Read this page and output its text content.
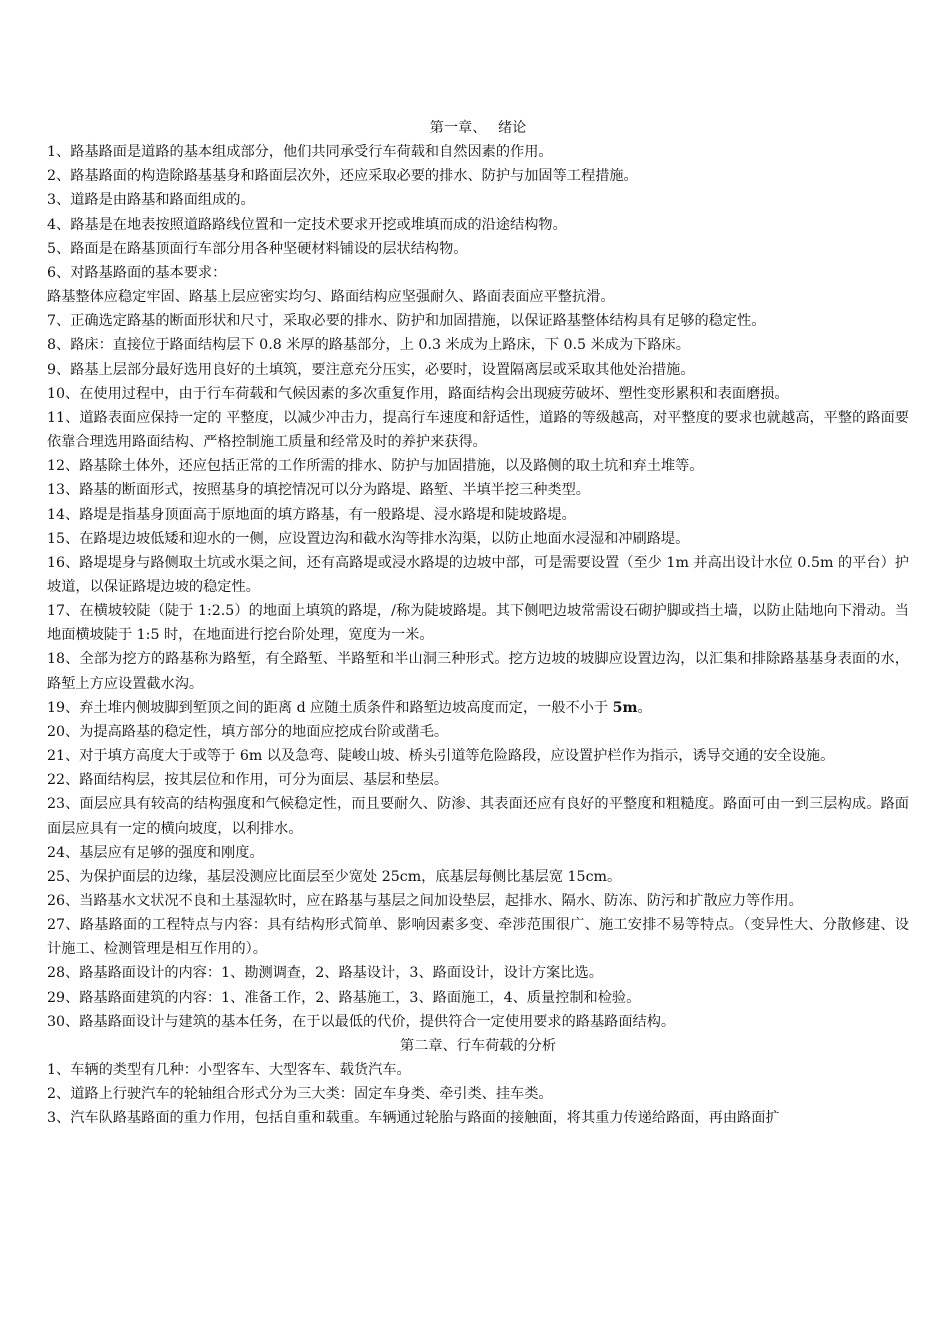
第一章、　 绪论

1、路基路面是道路的基本组成部分，他们共同承受行车荷载和自然因素的作用。

2、路基路面的构造除路基基身和路面层次外，还应采取必要的排水、防护与加固等工程措施。

3、道路是由路基和路面组成的。

4、路基是在地表按照道路路线位置和一定技术要求开挖或堆填而成的沿途结构物。

5、路面是在路基顶面行车部分用各种坚硬材料铺设的层状结构物。

6、对路基路面的基本要求：

路基整体应稳定牢固、路基上层应密实均匀、路面结构应坚强耐久、路面表面应平整抗滑。

7、正确选定路基的断面形状和尺寸，采取必要的排水、防护和加固措施，以保证路基整体结构具有足够的稳定性。

8、路床：直接位于路面结构层下 0.8 米厚的路基部分，上 0.3 米成为上路床，下 0.5 米成为下路床。

9、路基上层部分最好选用良好的土填筑，要注意充分压实，必要时，设置隔离层或采取其他处治措施。

10、在使用过程中，由于行车荷载和气候因素的多次重复作用，路面结构会出现疲劳破坏、塑性变形累积和表面磨损。

11、道路表面应保持一定的 平整度，以减少冲击力，提高行车速度和舒适性，道路的等级越高，对平整度的要求也就越高，平整的路面要依靠合理选用路面结构、严格控制施工质量和经常及时的养护来获得。

12、路基除土体外，还应包括正常的工作所需的排水、防护与加固措施，以及路侧的取土坑和弃土堆等。

13、路基的断面形式，按照基身的填挖情况可以分为路堤、路堑、半填半挖三种类型。

14、路堤是指基身顶面高于原地面的填方路基，有一般路堤、浸水路堤和陡坡路堤。

15、在路堤边坡低矮和迎水的一侧，应设置边沟和截水沟等排水沟渠，以防止地面水浸湿和冲刷路堤。

16、路堤堤身与路侧取土坑或水渠之间，还有高路堤或浸水路堤的边坡中部，可是需要设置（至少 1m 并高出设计水位 0.5m 的平台）护坡道，以保证路堤边坡的稳定性。

17、在横坡较陡（陡于 1:2.5）的地面上填筑的路堤，/称为陡坡路堤。其下侧吧边坡常需设石砌护脚或挡土墙，以防止陆地向下滑动。当地面横坡陡于 1:5 时，在地面进行挖台阶处理，宽度为一米。

18、全部为挖方的路基称为路堑，有全路堑、半路堑和半山洞三种形式。挖方边坡的坡脚应设置边沟，以汇集和排除路基基身表面的水，路堑上方应设置截水沟。

19、弃土堆内侧坡脚到堑顶之间的距离 d 应随土质条件和路堑边坡高度而定，一般不小于 5m。

20、为提高路基的稳定性，填方部分的地面应挖成台阶或凿毛。

21、对于填方高度大于或等于 6m 以及急弯、陡峻山坡、桥头引道等危险路段，应设置护栏作为指示，诱导交通的安全设施。

22、路面结构层，按其层位和作用，可分为面层、基层和垫层。

23、面层应具有较高的结构强度和气候稳定性，而且要耐久、防渗、其表面还应有良好的平整度和粗糙度。路面可由一到三层构成。路面面层应具有一定的横向坡度，以利排水。

24、基层应有足够的强度和刚度。

25、为保护面层的边缘，基层没测应比面层至少宽处 25cm，底基层每侧比基层宽 15cm。

26、当路基水文状况不良和土基湿软时，应在路基与基层之间加设垫层，起排水、隔水、防冻、防污和扩散应力等作用。

27、路基路面的工程特点与内容：具有结构形式简单、影响因素多变、牵涉范围很广、施工安排不易等特点。（变异性大、分散修建、设计施工、检测管理是相互作用的）。

28、路基路面设计的内容：1、勘测调查，2、路基设计，3、路面设计，设计方案比选。

29、路基路面建筑的内容：1、准备工作，2、路基施工，3、路面施工，4、质量控制和检验。

30、路基路面设计与建筑的基本任务，在于以最低的代价，提供符合一定使用要求的路基路面结构。

第二章、行车荷载的分析

1、车辆的类型有几种：小型客车、大型客车、载货汽车。

2、道路上行驶汽车的轮轴组合形式分为三大类：固定车身类、牵引类、挂车类。

3、汽车队路基路面的重力作用，包括自重和载重。车辆通过轮胎与路面的接触面，将其重力传递给路面，再由路面扩
